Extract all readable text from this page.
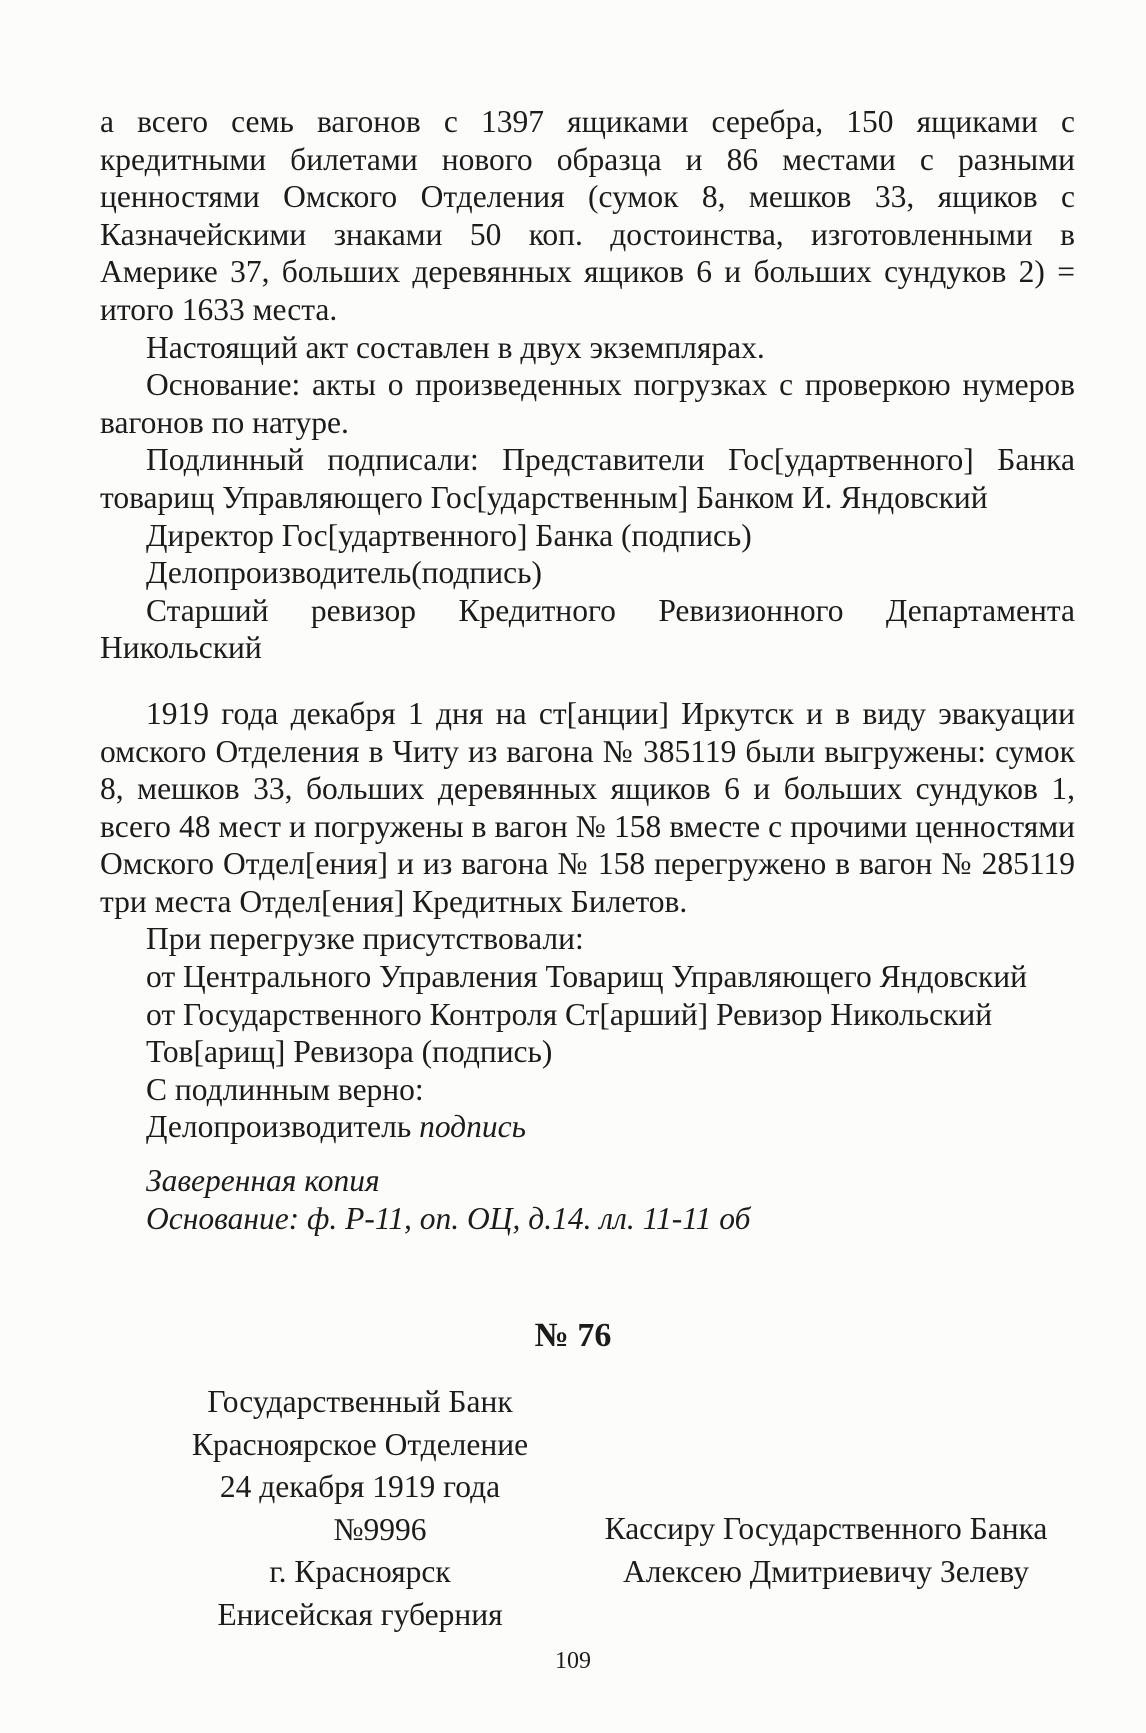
а всего семь вагонов с 1397 ящиками серебра, 150 ящиками с кредитными билетами нового образца и 86 местами с разными ценностями Омского Отделения (сумок 8, мешков 33, ящиков с Казначейскими знаками 50 коп. достоинства, изготовленными в Америке 37, больших деревянных ящиков 6 и больших сундуков 2) = итого 1633 места.

Настоящий акт составлен в двух экземплярах.

Основание: акты о произведенных погрузках с проверкою нумеров вагонов по натуре.

Подлинный подписали: Представители Гос[удартвенного] Банка товарищ Управляющего Гос[ударственным] Банком И. Яндовский

Директор Гос[удартвенного] Банка (подпись)
Делопроизводитель(подпись)

Старший ревизор Кредитного Ревизионного Департамента Никольский

1919 года декабря 1 дня на ст[анции] Иркутск и в виду эвакуации омского Отделения в Читу из вагона № 385119 были выгружены: сумок 8, мешков 33, больших деревянных ящиков 6 и больших сундуков 1, всего 48 мест и погружены в вагон № 158 вместе с прочими ценностями Омского Отдел[ения] и из вагона № 158 перегружено в вагон № 285119 три места Отдел[ения] Кредитных Билетов.

При перегрузке присутствовали:
от Центрального Управления Товарищ Управляющего Яндовский
от Государственного Контроля Ст[арший] Ревизор Никольский
Тов[арищ] Ревизора (подпись)
С подлинным верно:
Делопроизводитель подпись
Заверенная копия
Основание: ф. Р-11, оп. ОЦ, д.14. лл. 11-11 об
№ 76
Государственный Банк
Красноярское Отделение
24 декабря 1919 года
№9996
г. Красноярск
Енисейская губерния
Кассиру Государственного Банка
Алексею Дмитриевичу Зелеву
109
